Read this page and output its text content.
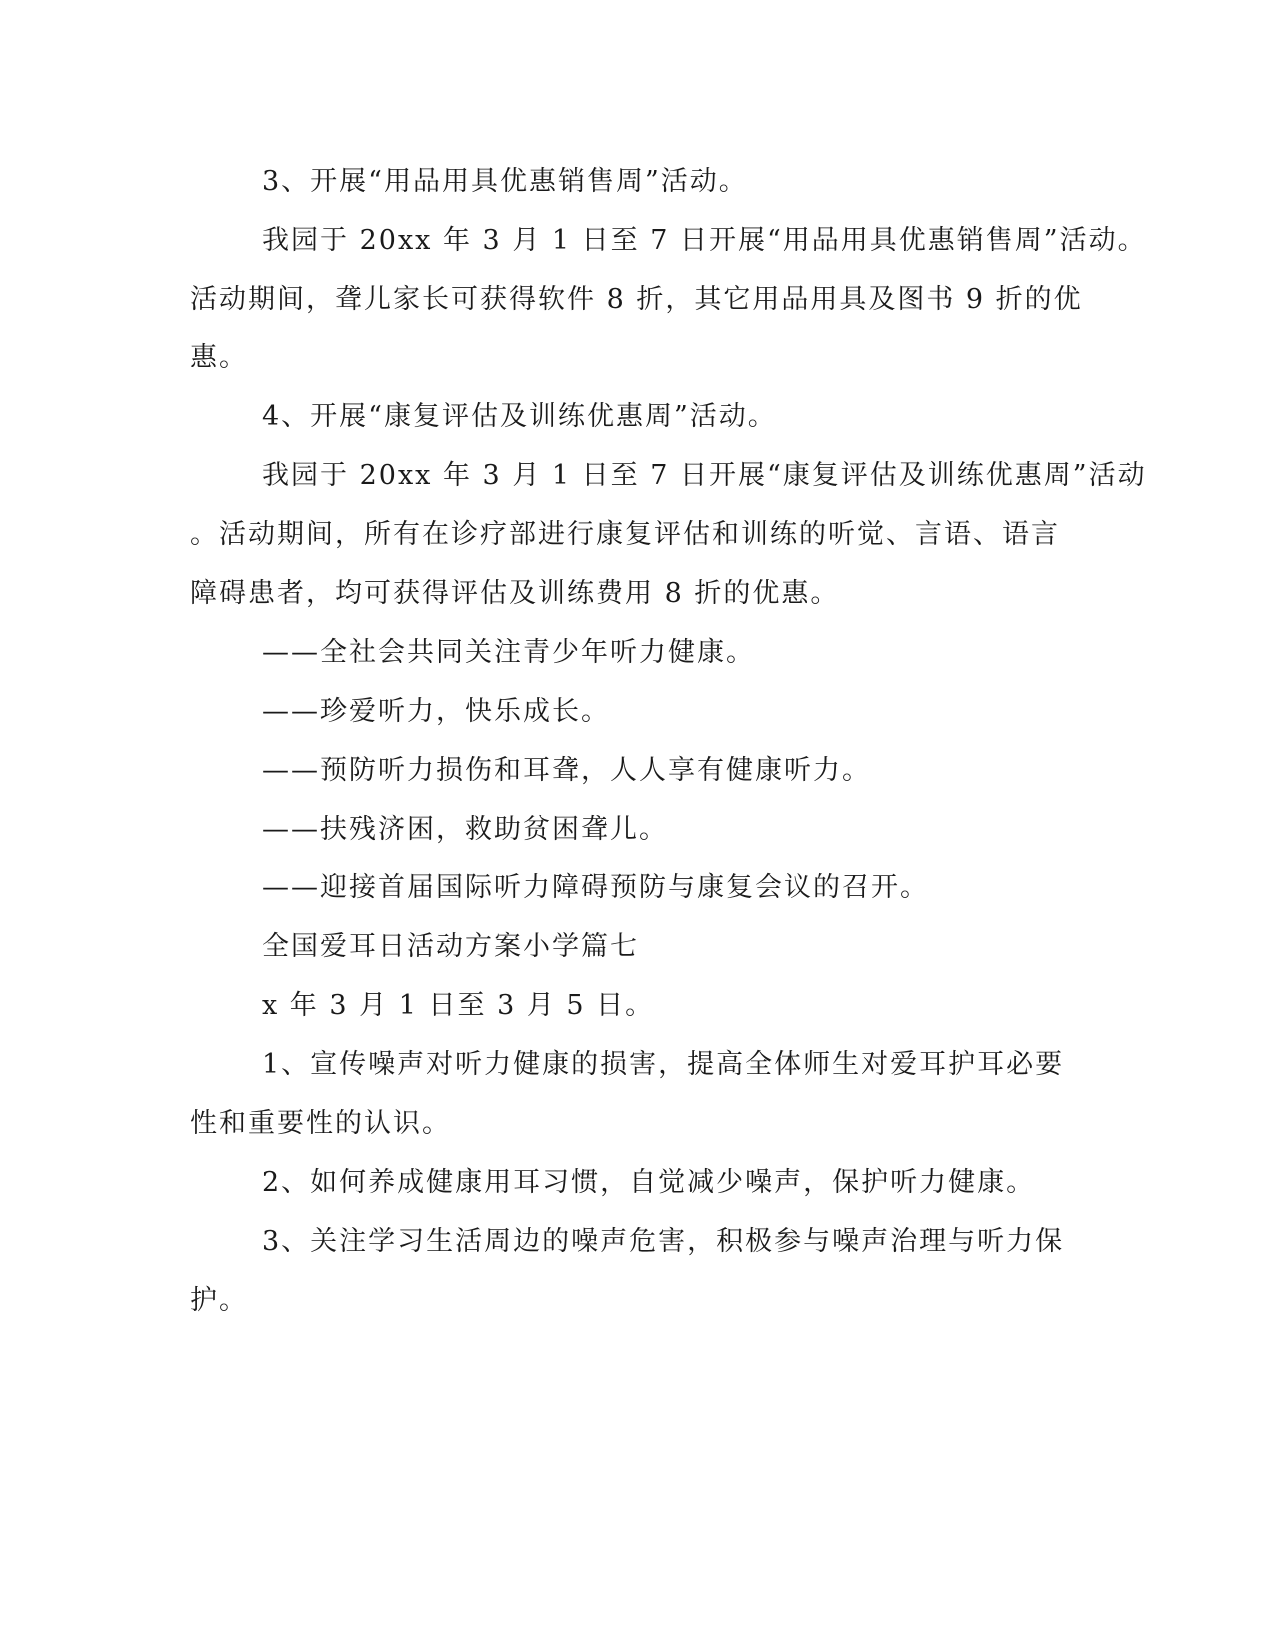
3、开展“用品用具优惠销售周”活动。
我园于 20xx 年 3 月 1 日至 7 日开展“用品用具优惠销售周”活动。
活动期间，聋儿家长可获得软件 8 折，其它用品用具及图书 9 折的优
惠。
4、开展“康复评估及训练优惠周”活动。
我园于 20xx 年 3 月 1 日至 7 日开展“康复评估及训练优惠周”活动
。活动期间，所有在诊疗部进行康复评估和训练的听觉、言语、语言
障碍患者，均可获得评估及训练费用 8 折的优惠。
——全社会共同关注青少年听力健康。
——珍爱听力，快乐成长。
——预防听力损伤和耳聋，人人享有健康听力。
——扶残济困，救助贫困聋儿。
——迎接首届国际听力障碍预防与康复会议的召开。
全国爱耳日活动方案小学篇七
x 年 3 月 1 日至 3 月 5 日。
1、宣传噪声对听力健康的损害，提高全体师生对爱耳护耳必要
性和重要性的认识。
2、如何养成健康用耳习惯，自觉减少噪声，保护听力健康。
3、关注学习生活周边的噪声危害，积极参与噪声治理与听力保
护。
